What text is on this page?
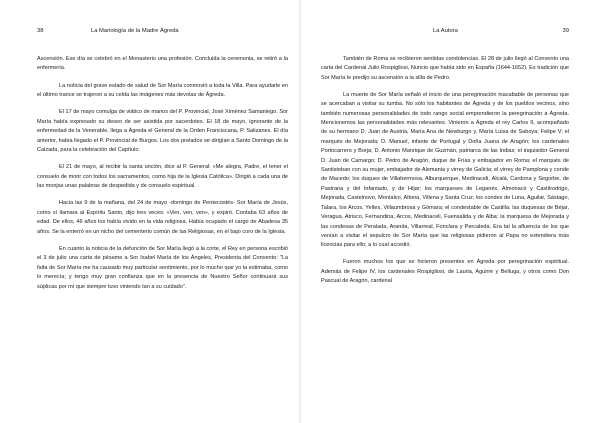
38	La Mariología de la Madre Ágreda

Ascensión. Ese día se celebró en el Monasterio una profesión. Concluida la ceremonia, se retiró a la enfermería.

La noticia del grave estado de salud de Sor María conmovió a toda la Villa. Para ayudarle en el último trance se trajeron a su celda las imágenes más devotas de Ágreda.

El 17 de mayo comulga de viático de manos del P. Provincial, José Ximénez Samaniego. Sor María había expresado su deseo de ser asistida por sacerdotes. El 18 de mayo, ignorante de la enfermedad de la Venerable, llega a Ágreda el General de la Orden Franciscana, P. Salizanes. El día anterior, había llegado el P. Provincial de Burgos. Los dos prelados se dirigían a Santo Domingo de la Calzada, para la celebración del Capítulo.

El 21 de mayo, al recibir la santa unción, dice al P. General: «Me alegra, Padre, el tener el consuelo de morir con todos los sacramentos, como hija de la Iglesia Católica». Dirigió a cada una de las monjas unas palabras de despedida y de consuelo espiritual.

Hacia las 9 de la mañana, del 24 de mayo -domingo de Pentecostés- Sor María de Jesús, como sí llamara al Espíritu Santo, dijo tres veces: «Ven, ven, ven», y expiró. Contaba 63 años de edad. De ellos, 46 años los había vivido en la vida religiosa. Había ocupado el cargo de Abadesa 35 años. Se la enterró en un nicho del cementerio común de las Religiosas, en el bajo coro de la Iglesia.

En cuanto la noticia de la defunción de Sor María llegó a la corte, el Rey en persona escribió el 3 de julio una carta de pésame a Sor Isabel María de los Ángeles, Presidenta del Convento: "La falta de Sor María me ha causado muy particular sentimiento, por lo mucho que yo la estimaba, como lo merecía; y tengo muy gran confianza que en la presencia de Nuestro Señor continuará sus súplicas por mí que siempre tuvo viniendo tan a su cuidado".

La Autora	39

También de Roma se recibieron sentidas condolencias. El 28 de julio llegó al Convento una carta del Cardenal Julio Rospigliosi, Nuncio que había sido en España (1644-1652). Es tradición que Sor María le predijo su ascensión a la silla de Pedro.

La muerte de Sor María señaló el inicio de una peregrinación inacabable de personas que se acercaban a visitar su tumba. No sólo los habitantes de Ágreda y de los pueblos vecinos, sino también numerosas personalidades de todo rango social emprendieron la peregrinación a Ágreda. Mencionemos las personalidades más relevantes. Vinieron a Ágreda el rey Carlos II, acompañado de su hermano D. Juan de Austria, María Ana de Newburgo y, María Luisa de Saboya; Felipe V; el marqués de Mejorada; D. Manuel, infante de Portugal y Doña Juana de Aragón; los cardenales Portocarrero y Borja; D. Antonio Manrique de Guzmán, patriarca de las Indias; el inquisidor General D. Juan de Camargo; D. Pedro de Aragón, duque de Frías y embajador en Roma; el marqués de Santisteban con su mujer, embajador de Alemania y virrey de Galicia; el virrey de Pamplona y conde de Macedo; los duques de Villahermosa, Alburquerque, Medinaceli, Alcalá, Cardona y Segorbe, de Pastrana y del Infantado, y de Híjar; los marqueses de Leganés, Almonacir y Castilrodrigo, Mejorada, Castelnovo, Montalvo, Altona, Villena y Santa Cruz; los condes de Luna, Aguilar, Sástago, Talara, los Arcos, Yeltes, Villaumbrosa y Gómara; el condestable de Castilla: las duquesas de Béjar, Veragua, Atrisco, Fernandina, Arcos, Medinaceli, Fuensalida y de Alba; la marquesa de Mejorada y las condesas de Peralada, Aranda, Villarreal, Fonclara y Percaleda. Era tal la afluencia de los que venían a visitar el sepulcro de Sor María que las religiosas pidieron al Papa no extendiera más licencias para ello; a lo cual accedió.

Fueron muchos los que se hicieron presentes en Ágreda por peregrinación espiritual. Además de Felipe IV, los cardenales Rospigliosi, de Lauria, Aguirre y Belluga, y otros como Don Pascual de Aragón, cardenal
